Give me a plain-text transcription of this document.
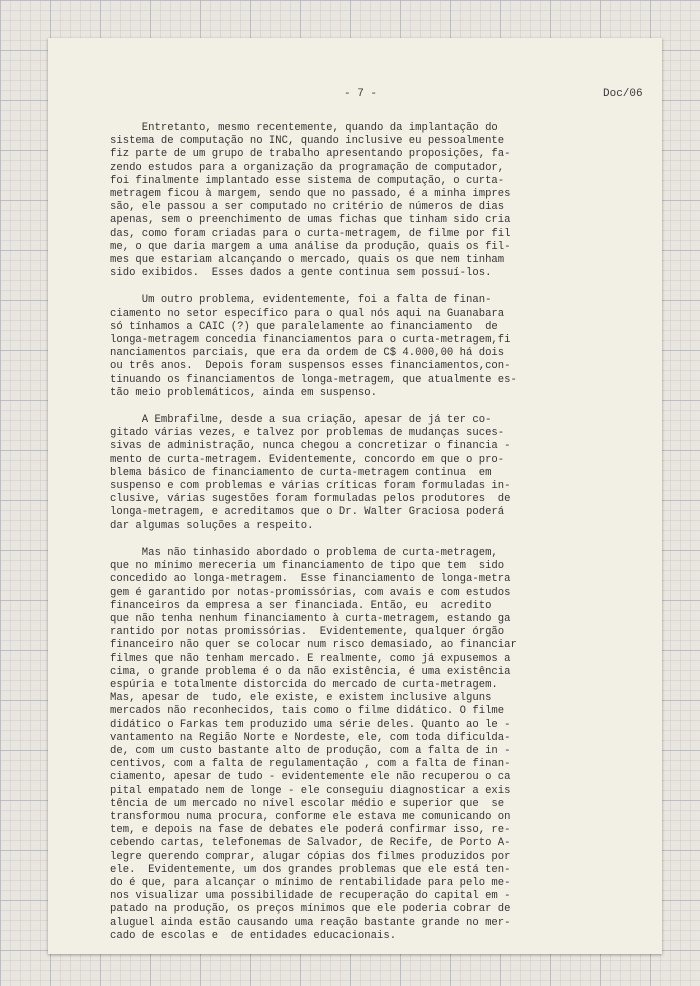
- 7 -	Doc/06
Entretanto, mesmo recentemente, quando da implantação do
sistema de computação no INC, quando inclusive eu pessoalmente
fiz parte de um grupo de trabalho apresentando proposições, fa-
zendo estudos para a organização da programação de computador,
foi finalmente implantado esse sistema de computação, o curta-
metragem ficou à margem, sendo que no passado, é a minha impres
são, ele passou a ser computado no critério de números de dias
apenas, sem o preenchimento de umas fichas que tinham sido cria
das, como foram criadas para o curta-metragem, de filme por fil
me, o que daria margem a uma análise da produção, quais os fil-
mes que estariam alcançando o mercado, quais os que nem tinham
sido exibidos.  Esses dados a gente continua sem possuí-los.
Um outro problema, evidentemente, foi a falta de finan-
ciamento no setor específico para o qual nós aqui na Guanabara
só tínhamos a CAIC (?) que paralelamente ao financiamento  de
longa-metragem concedia financiamentos para o curta-metragem,fi
nanciamentos parciais, que era da ordem de C$ 4.000,00 há dois
ou três anos.  Depois foram suspensos esses financiamentos,con-
tinuando os financiamentos de longa-metragem, que atualmente es-
tão meio problemáticos, ainda em suspenso.
A Embrafilme, desde a sua criação, apesar de já ter co-
gitado várias vezes, e talvez por problemas de mudanças suces-
sivas de administração, nunca chegou a concretizar o financia -
mento de curta-metragem. Evidentemente, concordo em que o pro-
blema básico de financiamento de curta-metragem continua  em
suspenso e com problemas e várias críticas foram formuladas in-
clusive, várias sugestões foram formuladas pelos produtores  de
longa-metragem, e acreditamos que o Dr. Walter Graciosa poderá
dar algumas soluções a respeito.
Mas não tinhasido abordado o problema de curta-metragem,
que no mínimo mereceria um financiamento de tipo que tem  sido
concedido ao longa-metragem.  Esse financiamento de longa-metra
gem é garantido por notas-promissórias, com avais e com estudos
financeiros da empresa a ser financiada. Então, eu  acredito
que não tenha nenhum financiamento à curta-metragem, estando ga
rantido por notas promissórias.  Evidentemente, qualquer órgão
financeiro não quer se colocar num risco demasiado, ao financiar
filmes que não tenham mercado. E realmente, como já expusemos a
cima, o grande problema é o da não existência, é uma existência
espúria e totalmente distorcida do mercado de curta-metragem.
Mas, apesar de  tudo, ele existe, e existem inclusive alguns
mercados não reconhecidos, tais como o filme didático. O filme
didático o Farkas tem produzido uma série deles. Quanto ao le -
vantamento na Região Norte e Nordeste, ele, com toda dificulda-
de, com um custo bastante alto de produção, com a falta de in -
centivos, com a falta de regulamentação , com a falta de finan-
ciamento, apesar de tudo - evidentemente ele não recuperou o ca
pital empatado nem de longe - ele conseguiu diagnosticar a exis
tência de um mercado no nível escolar médio e superior que  se
transformou numa procura, conforme ele estava me comunicando on
tem, e depois na fase de debates ele poderá confirmar isso, re-
cebendo cartas, telefonemas de Salvador, de Recife, de Porto A-
legre querendo comprar, alugar cópias dos filmes produzidos por
ele.  Evidentemente, um dos grandes problemas que ele está ten-
do é que, para alcançar o mínimo de rentabilidade para pelo me-
nos visualizar uma possibilidade de recuperação do capital em -
patado na produção, os preços mínimos que ele poderia cobrar de
aluguel ainda estão causando uma reação bastante grande no mer-
cado de escolas e  de entidades educacionais.
